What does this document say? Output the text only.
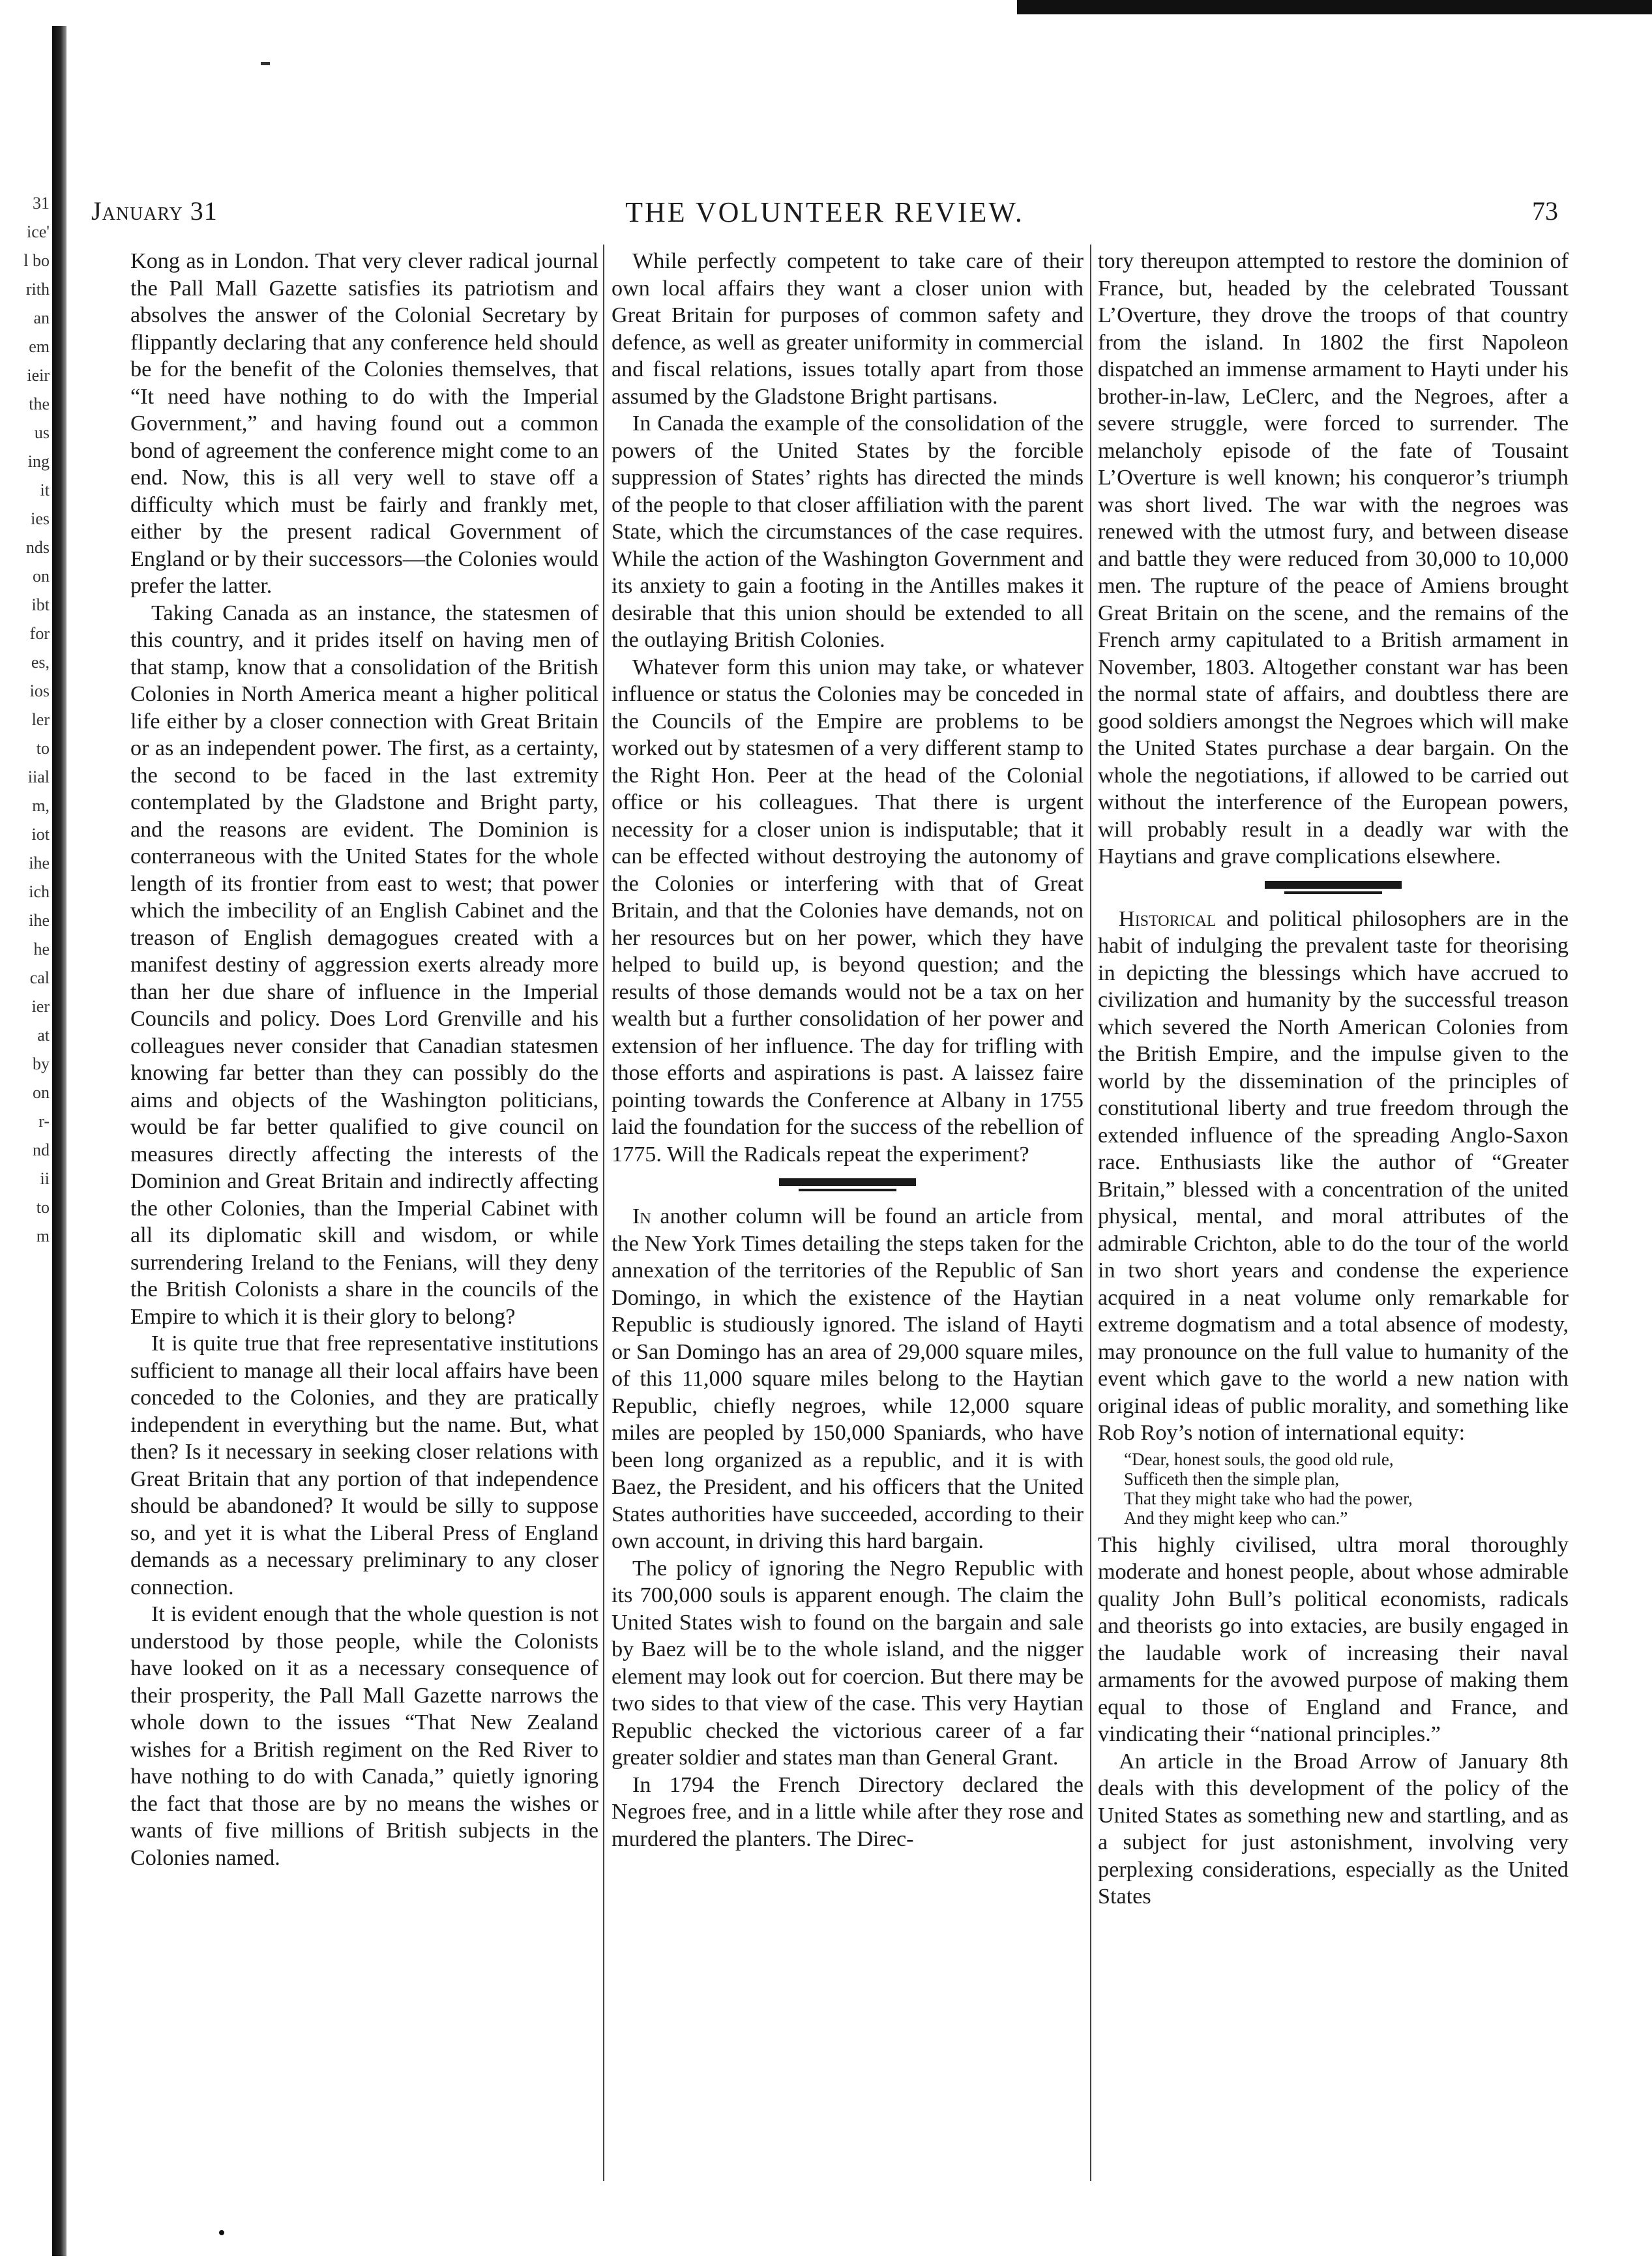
31
ice'
l bo
rith
an
em
ieir
the
us
ing
it
ies
nds
on
ibt
for
es,
ios
ler
to
iial
m,
iot
ihe
ich
ihe
he
cal
ier
at
by
on
r-
nd
ii
to
m
January 31	THE VOLUNTEER REVIEW.	73

Kong as in London. That very clever radical journal the Pall Mall Gazette satisfies its patriotism and absolves the answer of the Colonial Secretary by flippantly declaring that any conference held should be for the benefit of the Colonies themselves, that “It need have nothing to do with the Imperial Government,” and having found out a common bond of agreement the conference might come to an end. Now, this is all very well to stave off a difficulty which must be fairly and frankly met, either by the present radical Government of England or by their successors—the Colonies would prefer the latter.

Taking Canada as an instance, the statesmen of this country, and it prides itself on having men of that stamp, know that a consolidation of the British Colonies in North America meant a higher political life either by a closer connection with Great Britain or as an independent power. The first, as a certainty, the second to be faced in the last extremity contemplated by the Gladstone and Bright party, and the reasons are evident. The Dominion is conterraneous with the United States for the whole length of its frontier from east to west; that power which the imbecility of an English Cabinet and the treason of English demagogues created with a manifest destiny of aggression exerts already more than her due share of influence in the Imperial Councils and policy. Does Lord Grenville and his colleagues never consider that Canadian statesmen knowing far better than they can possibly do the aims and objects of the Washington politicians, would be far better qualified to give council on measures directly affecting the interests of the Dominion and Great Britain and indirectly affecting the other Colonies, than the Imperial Cabinet with all its diplomatic skill and wisdom, or while surrendering Ireland to the Fenians, will they deny the British Colonists a share in the councils of the Empire to which it is their glory to belong?

It is quite true that free representative institutions sufficient to manage all their local affairs have been conceded to the Colonies, and they are pratically independent in everything but the name. But, what then? Is it necessary in seeking closer relations with Great Britain that any portion of that independence should be abandoned? It would be silly to suppose so, and yet it is what the Liberal Press of England demands as a necessary preliminary to any closer connection.

It is evident enough that the whole question is not understood by those people, while the Colonists have looked on it as a necessary consequence of their prosperity, the Pall Mall Gazette narrows the whole down to the issues “That New Zealand wishes for a British regiment on the Red River to have nothing to do with Canada,” quietly ignoring the fact that those are by no means the wishes or wants of five millions of British subjects in the Colonies named.

While perfectly competent to take care of their own local affairs they want a closer union with Great Britain for purposes of common safety and defence, as well as greater uniformity in commercial and fiscal relations, issues totally apart from those assumed by the Gladstone Bright partisans.

In Canada the example of the consolidation of the powers of the United States by the forcible suppression of States’ rights has directed the minds of the people to that closer affiliation with the parent State, which the circumstances of the case requires. While the action of the Washington Government and its anxiety to gain a footing in the Antilles makes it desirable that this union should be extended to all the outlaying British Colonies.

Whatever form this union may take, or whatever influence or status the Colonies may be conceded in the Councils of the Empire are problems to be worked out by statesmen of a very different stamp to the Right Hon. Peer at the head of the Colonial office or his colleagues. That there is urgent necessity for a closer union is indisputable; that it can be effected without destroying the autonomy of the Colonies or interfering with that of Great Britain, and that the Colonies have demands, not on her resources but on her power, which they have helped to build up, is beyond question; and the results of those demands would not be a tax on her wealth but a further consolidation of her power and extension of her influence. The day for trifling with those efforts and aspirations is past. A laissez faire pointing towards the Conference at Albany in 1755 laid the foundation for the success of the rebellion of 1775. Will the Radicals repeat the experiment?

In another column will be found an article from the New York Times detailing the steps taken for the annexation of the territories of the Republic of San Domingo, in which the existence of the Haytian Republic is studiously ignored. The island of Hayti or San Domingo has an area of 29,000 square miles, of this 11,000 square miles belong to the Haytian Republic, chiefly negroes, while 12,000 square miles are peopled by 150,000 Spaniards, who have been long organized as a republic, and it is with Baez, the President, and his officers that the United States authorities have succeeded, according to their own account, in driving this hard bargain.

The policy of ignoring the Negro Republic with its 700,000 souls is apparent enough. The claim the United States wish to found on the bargain and sale by Baez will be to the whole island, and the nigger element may look out for coercion. But there may be two sides to that view of the case. This very Haytian Republic checked the victorious career of a far greater soldier and states man than General Grant.

In 1794 the French Directory declared the Negroes free, and in a little while after they rose and murdered the planters. The Direc-

tory thereupon attempted to restore the dominion of France, but, headed by the celebrated Toussant L’Overture, they drove the troops of that country from the island. In 1802 the first Napoleon dispatched an immense armament to Hayti under his brother-in-law, LeClerc, and the Negroes, after a severe struggle, were forced to surrender. The melancholy episode of the fate of Tousaint L’Overture is well known; his conqueror’s triumph was short lived. The war with the negroes was renewed with the utmost fury, and between disease and battle they were reduced from 30,000 to 10,000 men. The rupture of the peace of Amiens brought Great Britain on the scene, and the remains of the French army capitulated to a British armament in November, 1803. Altogether constant war has been the normal state of affairs, and doubtless there are good soldiers amongst the Negroes which will make the United States purchase a dear bargain. On the whole the negotiations, if allowed to be carried out without the interference of the European powers, will probably result in a deadly war with the Haytians and grave complications elsewhere.

Historical and political philosophers are in the habit of indulging the prevalent taste for theorising in depicting the blessings which have accrued to civilization and humanity by the successful treason which severed the North American Colonies from the British Empire, and the impulse given to the world by the dissemination of the principles of constitutional liberty and true freedom through the extended influence of the spreading Anglo-Saxon race. Enthusiasts like the author of “Greater Britain,” blessed with a concentration of the united physical, mental, and moral attributes of the admirable Crichton, able to do the tour of the world in two short years and condense the experience acquired in a neat volume only remarkable for extreme dogmatism and a total absence of modesty, may pronounce on the full value to humanity of the event which gave to the world a new nation with original ideas of public morality, and something like Rob Roy’s notion of international equity:

“Dear, honest souls, the good old rule,
Sufficeth then the simple plan,
That they might take who had the power,
And they might keep who can.”

This highly civilised, ultra moral thoroughly moderate and honest people, about whose admirable quality John Bull’s political economists, radicals and theorists go into extacies, are busily engaged in the laudable work of increasing their naval armaments for the avowed purpose of making them equal to those of England and France, and vindicating their “national principles.”

An article in the Broad Arrow of January 8th deals with this development of the policy of the United States as something new and startling, and as a subject for just astonishment, involving very perplexing considerations, especially as the United States
